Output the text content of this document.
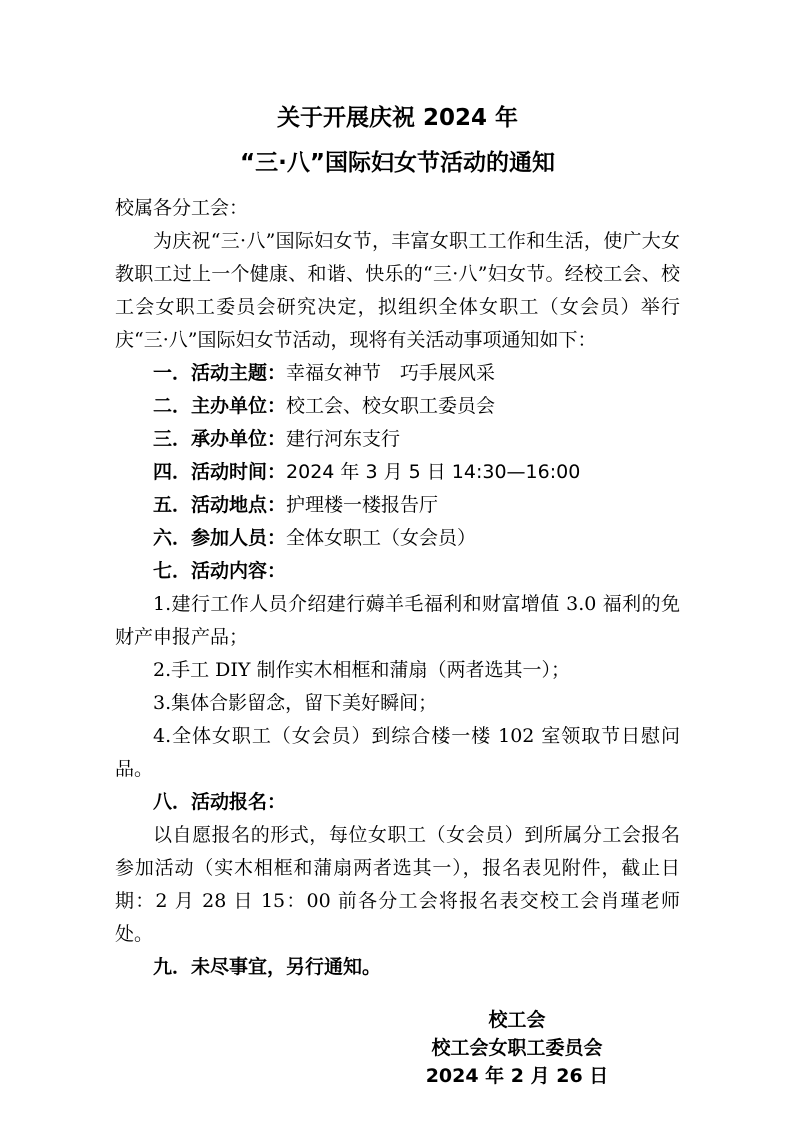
关于开展庆祝 2024 年
“三·八”国际妇女节活动的通知

校属各分工会：

为庆祝“三·八”国际妇女节，丰富女职工工作和生活，使广大女教职工过上一个健康、和谐、快乐的“三·八”妇女节。经校工会、校工会女职工委员会研究决定，拟组织全体女职工（女会员）举行庆“三·八”国际妇女节活动，现将有关活动事项通知如下：

一．活动主题：幸福女神节　巧手展风采

二．主办单位：校工会、校女职工委员会

三．承办单位：建行河东支行

四．活动时间：2024 年 3 月 5 日 14:30—16:00

五．活动地点：护理楼一楼报告厅

六．参加人员：全体女职工（女会员）

七．活动内容：

1.建行工作人员介绍建行薅羊毛福利和财富增值 3.0 福利的免财产申报产品；

2.手工 DIY 制作实木相框和蒲扇（两者选其一）；

3.集体合影留念，留下美好瞬间；

4.全体女职工（女会员）到综合楼一楼 102 室领取节日慰问品。

八．活动报名：

以自愿报名的形式，每位女职工（女会员）到所属分工会报名参加活动（实木相框和蒲扇两者选其一），报名表见附件，截止日期：2 月 28 日 15：00 前各分工会将报名表交校工会肖瑾老师处。

九．未尽事宜，另行通知。

校工会

校工会女职工委员会

2024 年 2 月 26 日
